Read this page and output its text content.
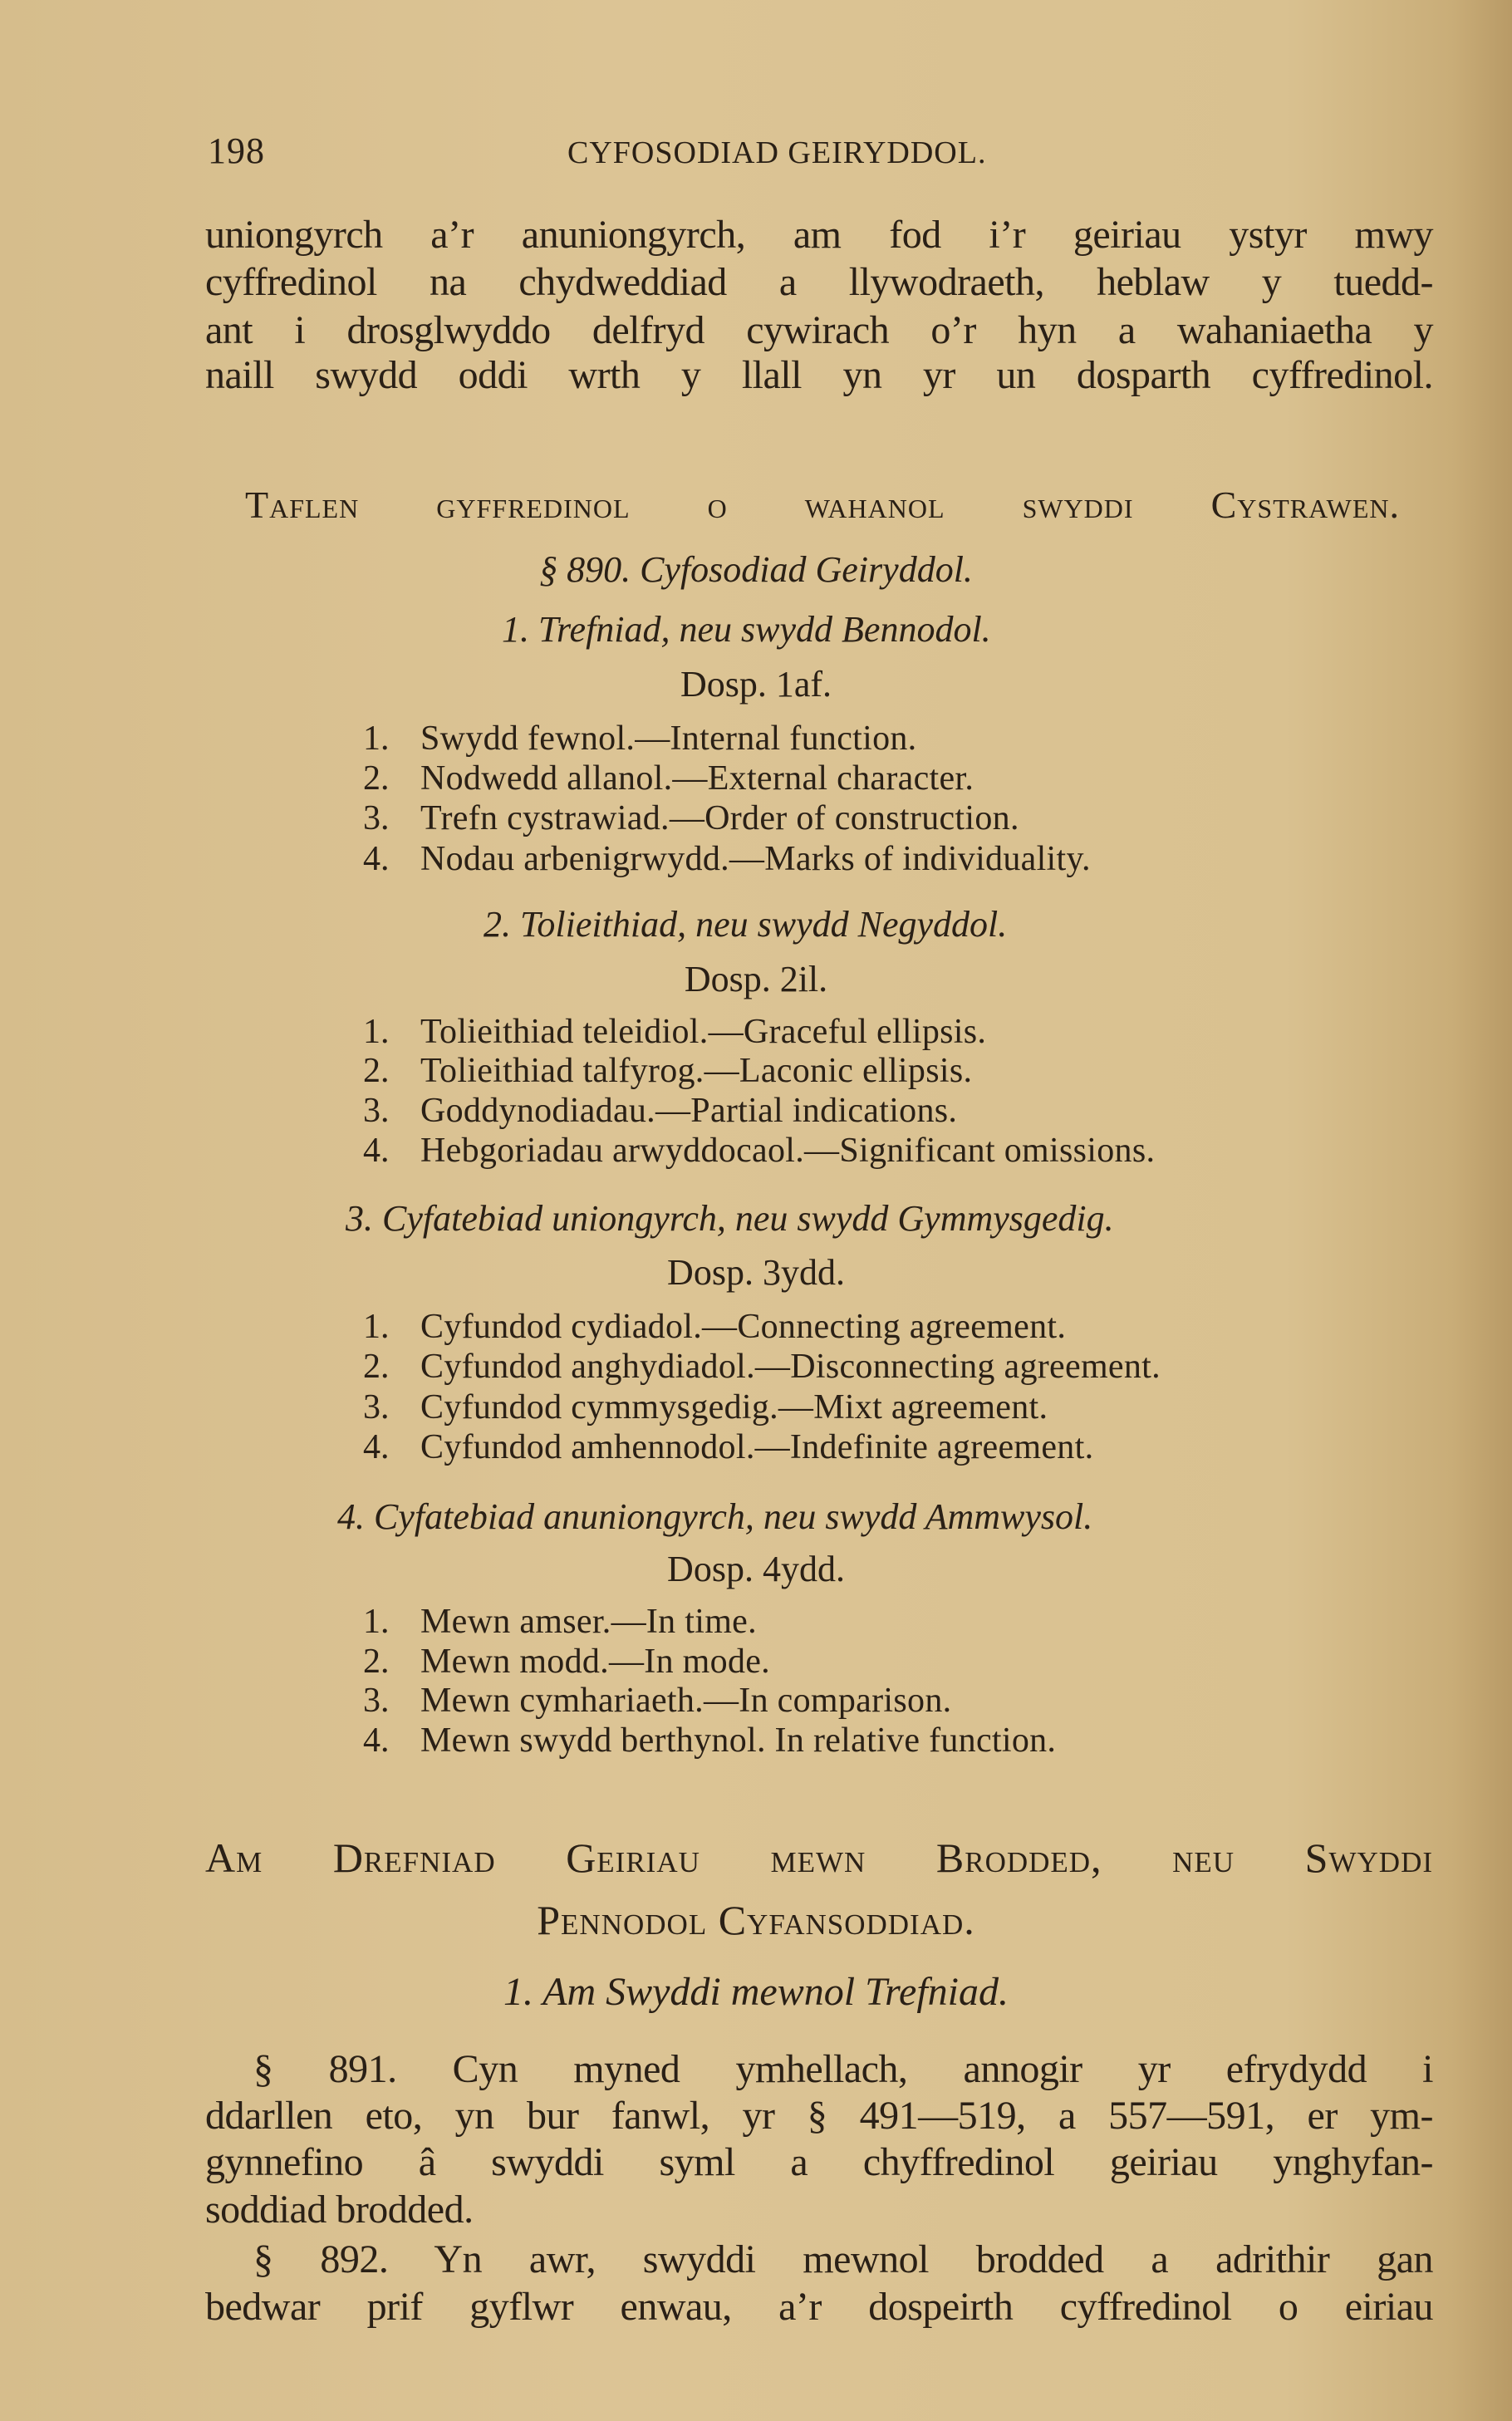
198	CYFOSODIAD GEIRYDDOL.
uniongyrch a’r anuniongyrch, am fod i’r geiriau ystyr mwy
cyffredinol na chydweddiad a llywodraeth, heblaw y tuedd-
ant i drosglwyddo delfryd cywirach o’r hyn a wahaniaetha y
naill swydd oddi wrth y llall yn yr un dosparth cyffredinol.
Taflen gyffredinol o wahanol swyddi Cystrawen.
§ 890. Cyfosodiad Geiryddol.
1. Trefniad, neu swydd Bennodol.
Dosp. 1af.
1. Swydd fewnol.—Internal function.
2. Nodwedd allanol.—External character.
3. Trefn cystrawiad.—Order of construction.
4. Nodau arbenigrwydd.—Marks of individuality.
2. Tolieithiad, neu swydd Negyddol.
Dosp. 2il.
1. Tolieithiad teleidiol.—Graceful ellipsis.
2. Tolieithiad talfyrog.—Laconic ellipsis.
3. Goddynodiadau.—Partial indications.
4. Hebgoriadau arwyddocaol.—Significant omissions.
3. Cyfatebiad uniongyrch, neu swydd Gymmysgedig.
Dosp. 3ydd.
1. Cyfundod cydiadol.—Connecting agreement.
2. Cyfundod anghydiadol.—Disconnecting agreement.
3. Cyfundod cymmysgedig.—Mixt agreement.
4. Cyfundod amhennodol.—Indefinite agreement.
4. Cyfatebiad anuniongyrch, neu swydd Ammwysol.
Dosp. 4ydd.
1. Mewn amser.—In time.
2. Mewn modd.—In mode.
3. Mewn cymhariaeth.—In comparison.
4. Mewn swydd berthynol. In relative function.
Am Drefniad Geiriau mewn Brodded, neu Swyddi
Pennodol Cyfansoddiad.
1. Am Swyddi mewnol Trefniad.
§ 891. Cyn myned ymhellach, annogir yr efrydydd i
ddarllen eto, yn bur fanwl, yr § 491—519, a 557—591, er ym-
gynnefino â swyddi syml a chyffredinol geiriau ynghyfan-
soddiad brodded.
§ 892. Yn awr, swyddi mewnol brodded a adrithir gan
bedwar prif gyflwr enwau, a’r dospeirth cyffredinol o eiriau
